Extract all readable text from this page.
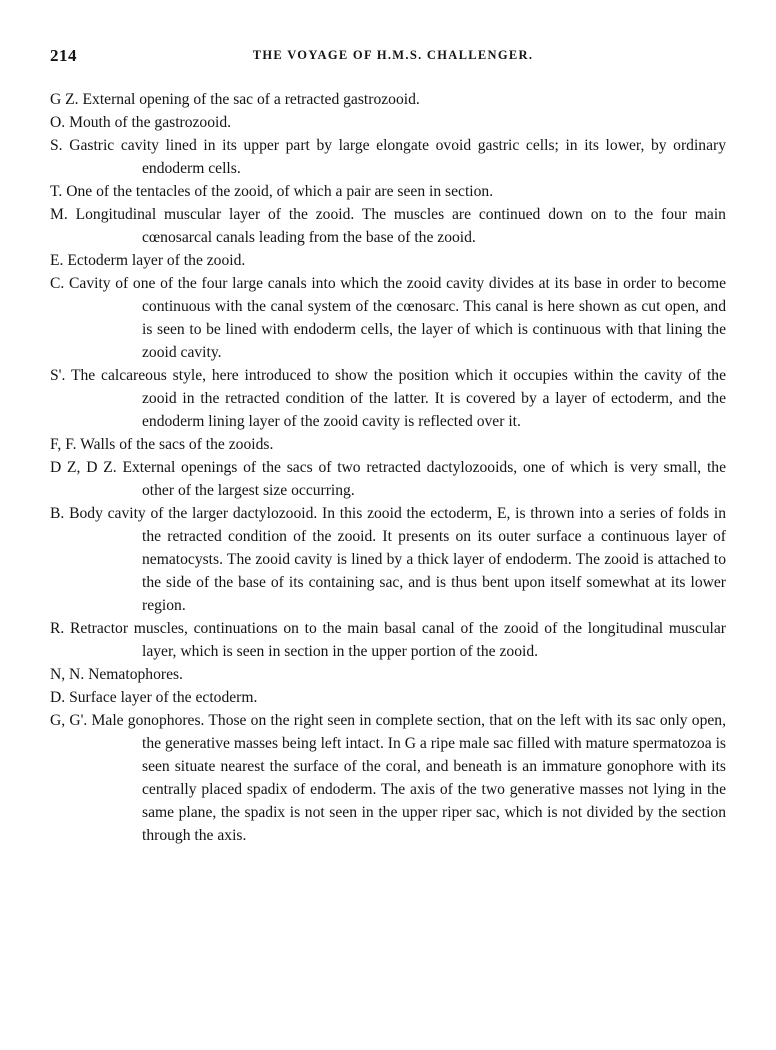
214	THE VOYAGE OF H.M.S. CHALLENGER.
G Z. External opening of the sac of a retracted gastrozooid.
O. Mouth of the gastrozooid.
S. Gastric cavity lined in its upper part by large elongate ovoid gastric cells; in its lower, by ordinary endoderm cells.
T. One of the tentacles of the zooid, of which a pair are seen in section.
M. Longitudinal muscular layer of the zooid. The muscles are continued down on to the four main cœnosarcal canals leading from the base of the zooid.
E. Ectoderm layer of the zooid.
C. Cavity of one of the four large canals into which the zooid cavity divides at its base in order to become continuous with the canal system of the cœnosarc. This canal is here shown as cut open, and is seen to be lined with endoderm cells, the layer of which is continuous with that lining the zooid cavity.
S'. The calcareous style, here introduced to show the position which it occupies within the cavity of the zooid in the retracted condition of the latter. It is covered by a layer of ectoderm, and the endoderm lining layer of the zooid cavity is reflected over it.
F, F. Walls of the sacs of the zooids.
D Z, D Z. External openings of the sacs of two retracted dactylozooids, one of which is very small, the other of the largest size occurring.
B. Body cavity of the larger dactylozooid. In this zooid the ectoderm, E, is thrown into a series of folds in the retracted condition of the zooid. It presents on its outer surface a continuous layer of nematocysts. The zooid cavity is lined by a thick layer of endoderm. The zooid is attached to the side of the base of its containing sac, and is thus bent upon itself somewhat at its lower region.
R. Retractor muscles, continuations on to the main basal canal of the zooid of the longitudinal muscular layer, which is seen in section in the upper portion of the zooid.
N, N. Nematophores.
D. Surface layer of the ectoderm.
G, G'. Male gonophores. Those on the right seen in complete section, that on the left with its sac only open, the generative masses being left intact. In G a ripe male sac filled with mature spermatozoa is seen situate nearest the surface of the coral, and beneath is an immature gonophore with its centrally placed spadix of endoderm. The axis of the two generative masses not lying in the same plane, the spadix is not seen in the upper riper sac, which is not divided by the section through the axis.
